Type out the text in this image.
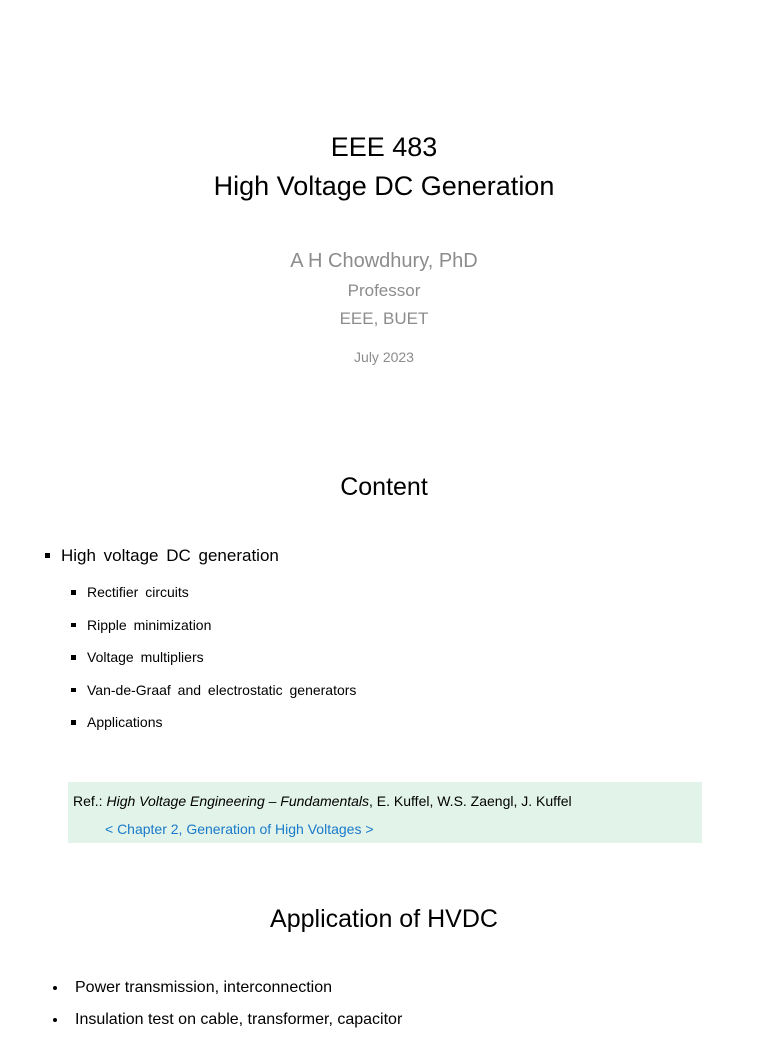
EEE 483
High Voltage DC Generation
A H Chowdhury, PhD
Professor
EEE, BUET
July 2023
Content
High voltage DC generation
Rectifier circuits
Ripple minimization
Voltage multipliers
Van-de-Graaf and electrostatic generators
Applications
Ref.: High Voltage Engineering – Fundamentals, E. Kuffel, W.S. Zaengl, J. Kuffel
< Chapter 2, Generation of High Voltages >
Application of HVDC
Power transmission, interconnection
Insulation test on cable, transformer, capacitor
